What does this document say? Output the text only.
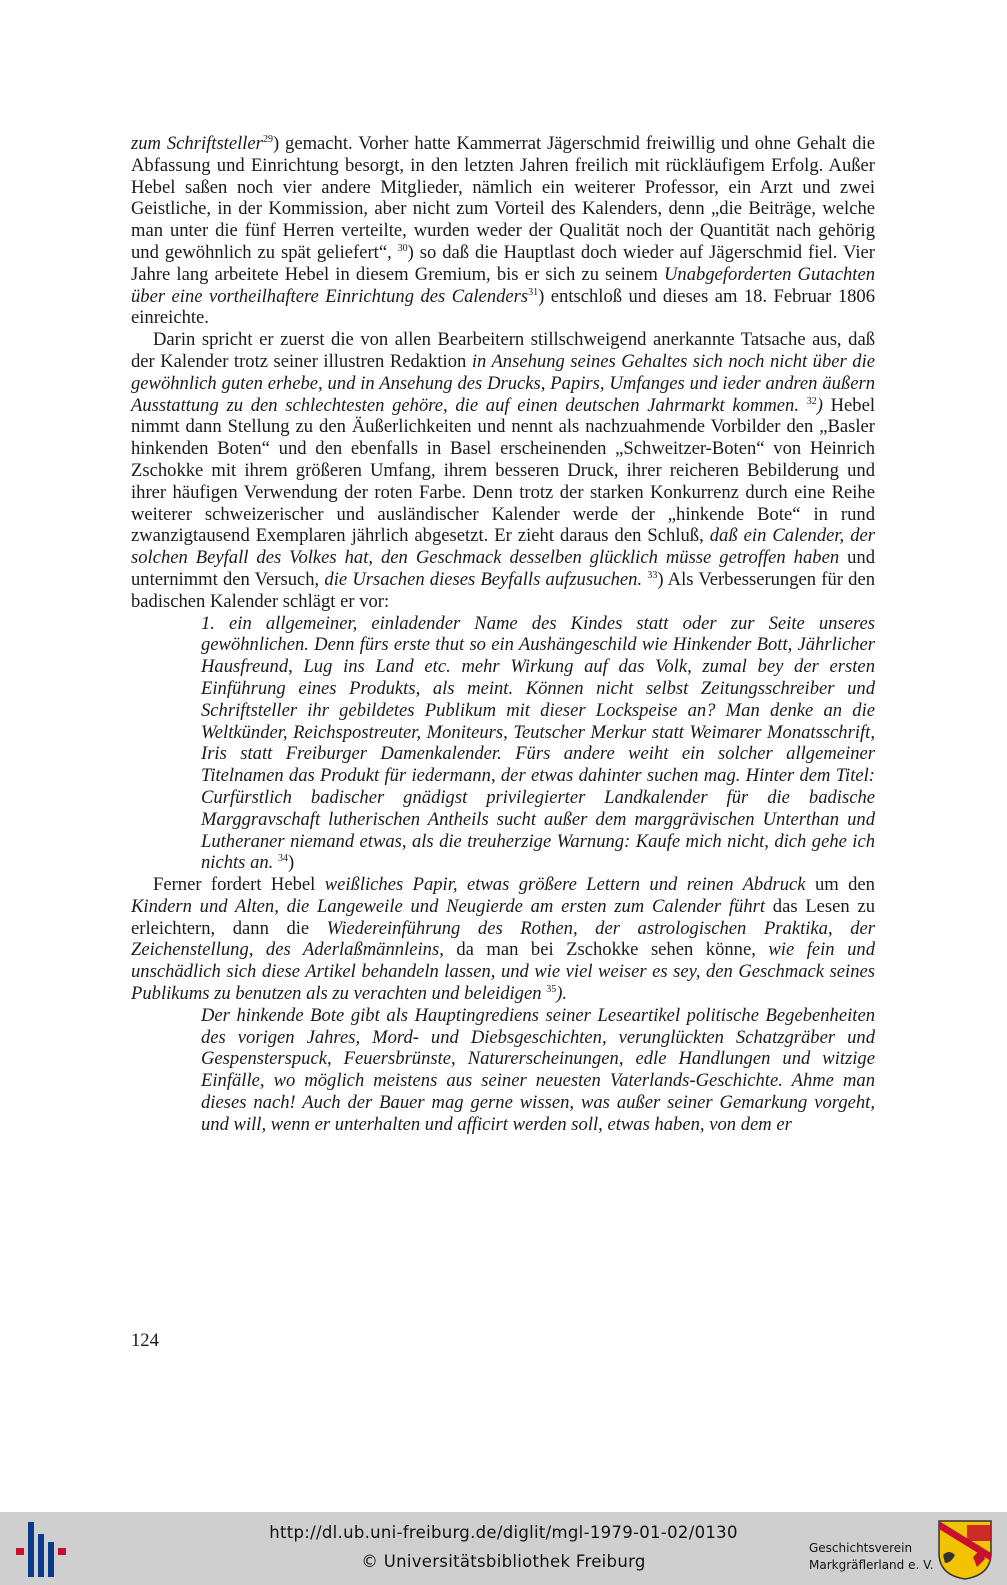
zum Schriftsteller$^{29}$) gemacht. Vorher hatte Kammerrat Jägerschmid freiwillig und ohne Gehalt die Abfassung und Einrichtung besorgt, in den letzten Jahren freilich mit rückläufigem Erfolg. Außer Hebel saßen noch vier andere Mitglieder, nämlich ein weiterer Professor, ein Arzt und zwei Geistliche, in der Kommission, aber nicht zum Vorteil des Kalenders, denn „die Beiträge, welche man unter die fünf Herren verteilte, wurden weder der Qualität noch der Quantität nach gehörig und gewöhnlich zu spät geliefert“, $^{30}$) so daß die Hauptlast doch wieder auf Jägerschmid fiel. Vier Jahre lang arbeitete Hebel in diesem Gremium, bis er sich zu seinem Unabgeforderten Gutachten über eine vortheilhaftere Einrichtung des Calenders$^{31}$) entschloß und dieses am 18. Februar 1806 einreichte.

Darin spricht er zuerst die von allen Bearbeitern stillschweigend anerkannte Tatsache aus, daß der Kalender trotz seiner illustren Redaktion in Ansehung seines Gehaltes sich noch nicht über die gewöhnlich guten erhebe, und in Ansehung des Drucks, Papirs, Umfanges und ieder andren äußern Ausstattung zu den schlechtesten gehöre, die auf einen deutschen Jahrmarkt kommen. $^{32}$) Hebel nimmt dann Stellung zu den Äußerlichkeiten und nennt als nachzuahmende Vorbilder den „Basler hinkenden Boten“ und den ebenfalls in Basel erscheinenden „Schweitzer-Boten“ von Heinrich Zschokke mit ihrem größeren Umfang, ihrem besseren Druck, ihrer reicheren Bebilderung und ihrer häufigen Verwendung der roten Farbe. Denn trotz der starken Konkurrenz durch eine Reihe weiterer schweizerischer und ausländischer Kalender werde der „hinkende Bote“ in rund zwanzigtausend Exemplaren jährlich abgesetzt. Er zieht daraus den Schluß, daß ein Calender, der solchen Beyfall des Volkes hat, den Geschmack desselben glücklich müsse getroffen haben und unternimmt den Versuch, die Ursachen dieses Beyfalls aufzusuchen. $^{33}$) Als Verbesserungen für den badischen Kalender schlägt er vor:

1. ein allgemeiner, einladender Name des Kindes statt oder zur Seite unseres gewöhnlichen. Denn fürs erste thut so ein Aushängeschild wie Hinkender Bott, Jährlicher Hausfreund, Lug ins Land etc. mehr Wirkung auf das Volk, zumal bey der ersten Einführung eines Produkts, als meint. Können nicht selbst Zeitungsschreiber und Schriftsteller ihr gebildetes Publikum mit dieser Lockspeise an? Man denke an die Weltkünder, Reichspostreuter, Moniteurs, Teutscher Merkur statt Weimarer Monatsschrift, Iris statt Freiburger Damenkalender. Fürs andere weiht ein solcher allgemeiner Titelnamen das Produkt für iedermann, der etwas dahinter suchen mag. Hinter dem Titel: Curfürstlich badischer gnädigst privilegierter Landkalender für die badische Marggravschaft lutherischen Antheils sucht außer dem marggrävischen Unterthan und Lutheraner niemand etwas, als die treuherzige Warnung: Kaufe mich nicht, dich gehe ich nichts an. $^{34}$)

Ferner fordert Hebel weißliches Papir, etwas größere Lettern und reinen Abdruck um den Kindern und Alten, die Langeweile und Neugierde am ersten zum Calender führt das Lesen zu erleichtern, dann die Wiedereinführung des Rothen, der astrologischen Praktika, der Zeichenstellung, des Aderlaßmännleins, da man bei Zschokke sehen könne, wie fein und unschädlich sich diese Artikel behandeln lassen, und wie viel weiser es sey, den Geschmack seines Publikums zu benutzen als zu verachten und beleidigen $^{35}$).

Der hinkende Bote gibt als Hauptingrediens seiner Leseartikel politische Begebenheiten des vorigen Jahres, Mord- und Diebsgeschichten, verunglückten Schatzgräber und Gespensterspuck, Feuersbrünste, Naturerscheinungen, edle Handlungen und witzige Einfälle, wo möglich meistens aus seiner neuesten Vaterlands-Geschichte. Ahme man dieses nach! Auch der Bauer mag gerne wissen, was außer seiner Gemarkung vorgeht, und will, wenn er unterhalten und afficirt werden soll, etwas haben, von dem er

124
http://dl.ub.uni-freiburg.de/diglit/mgl-1979-01-02/0130
© Universitätsbibliothek Freiburg
Geschichtsverein
Markgräflerland e. V.
